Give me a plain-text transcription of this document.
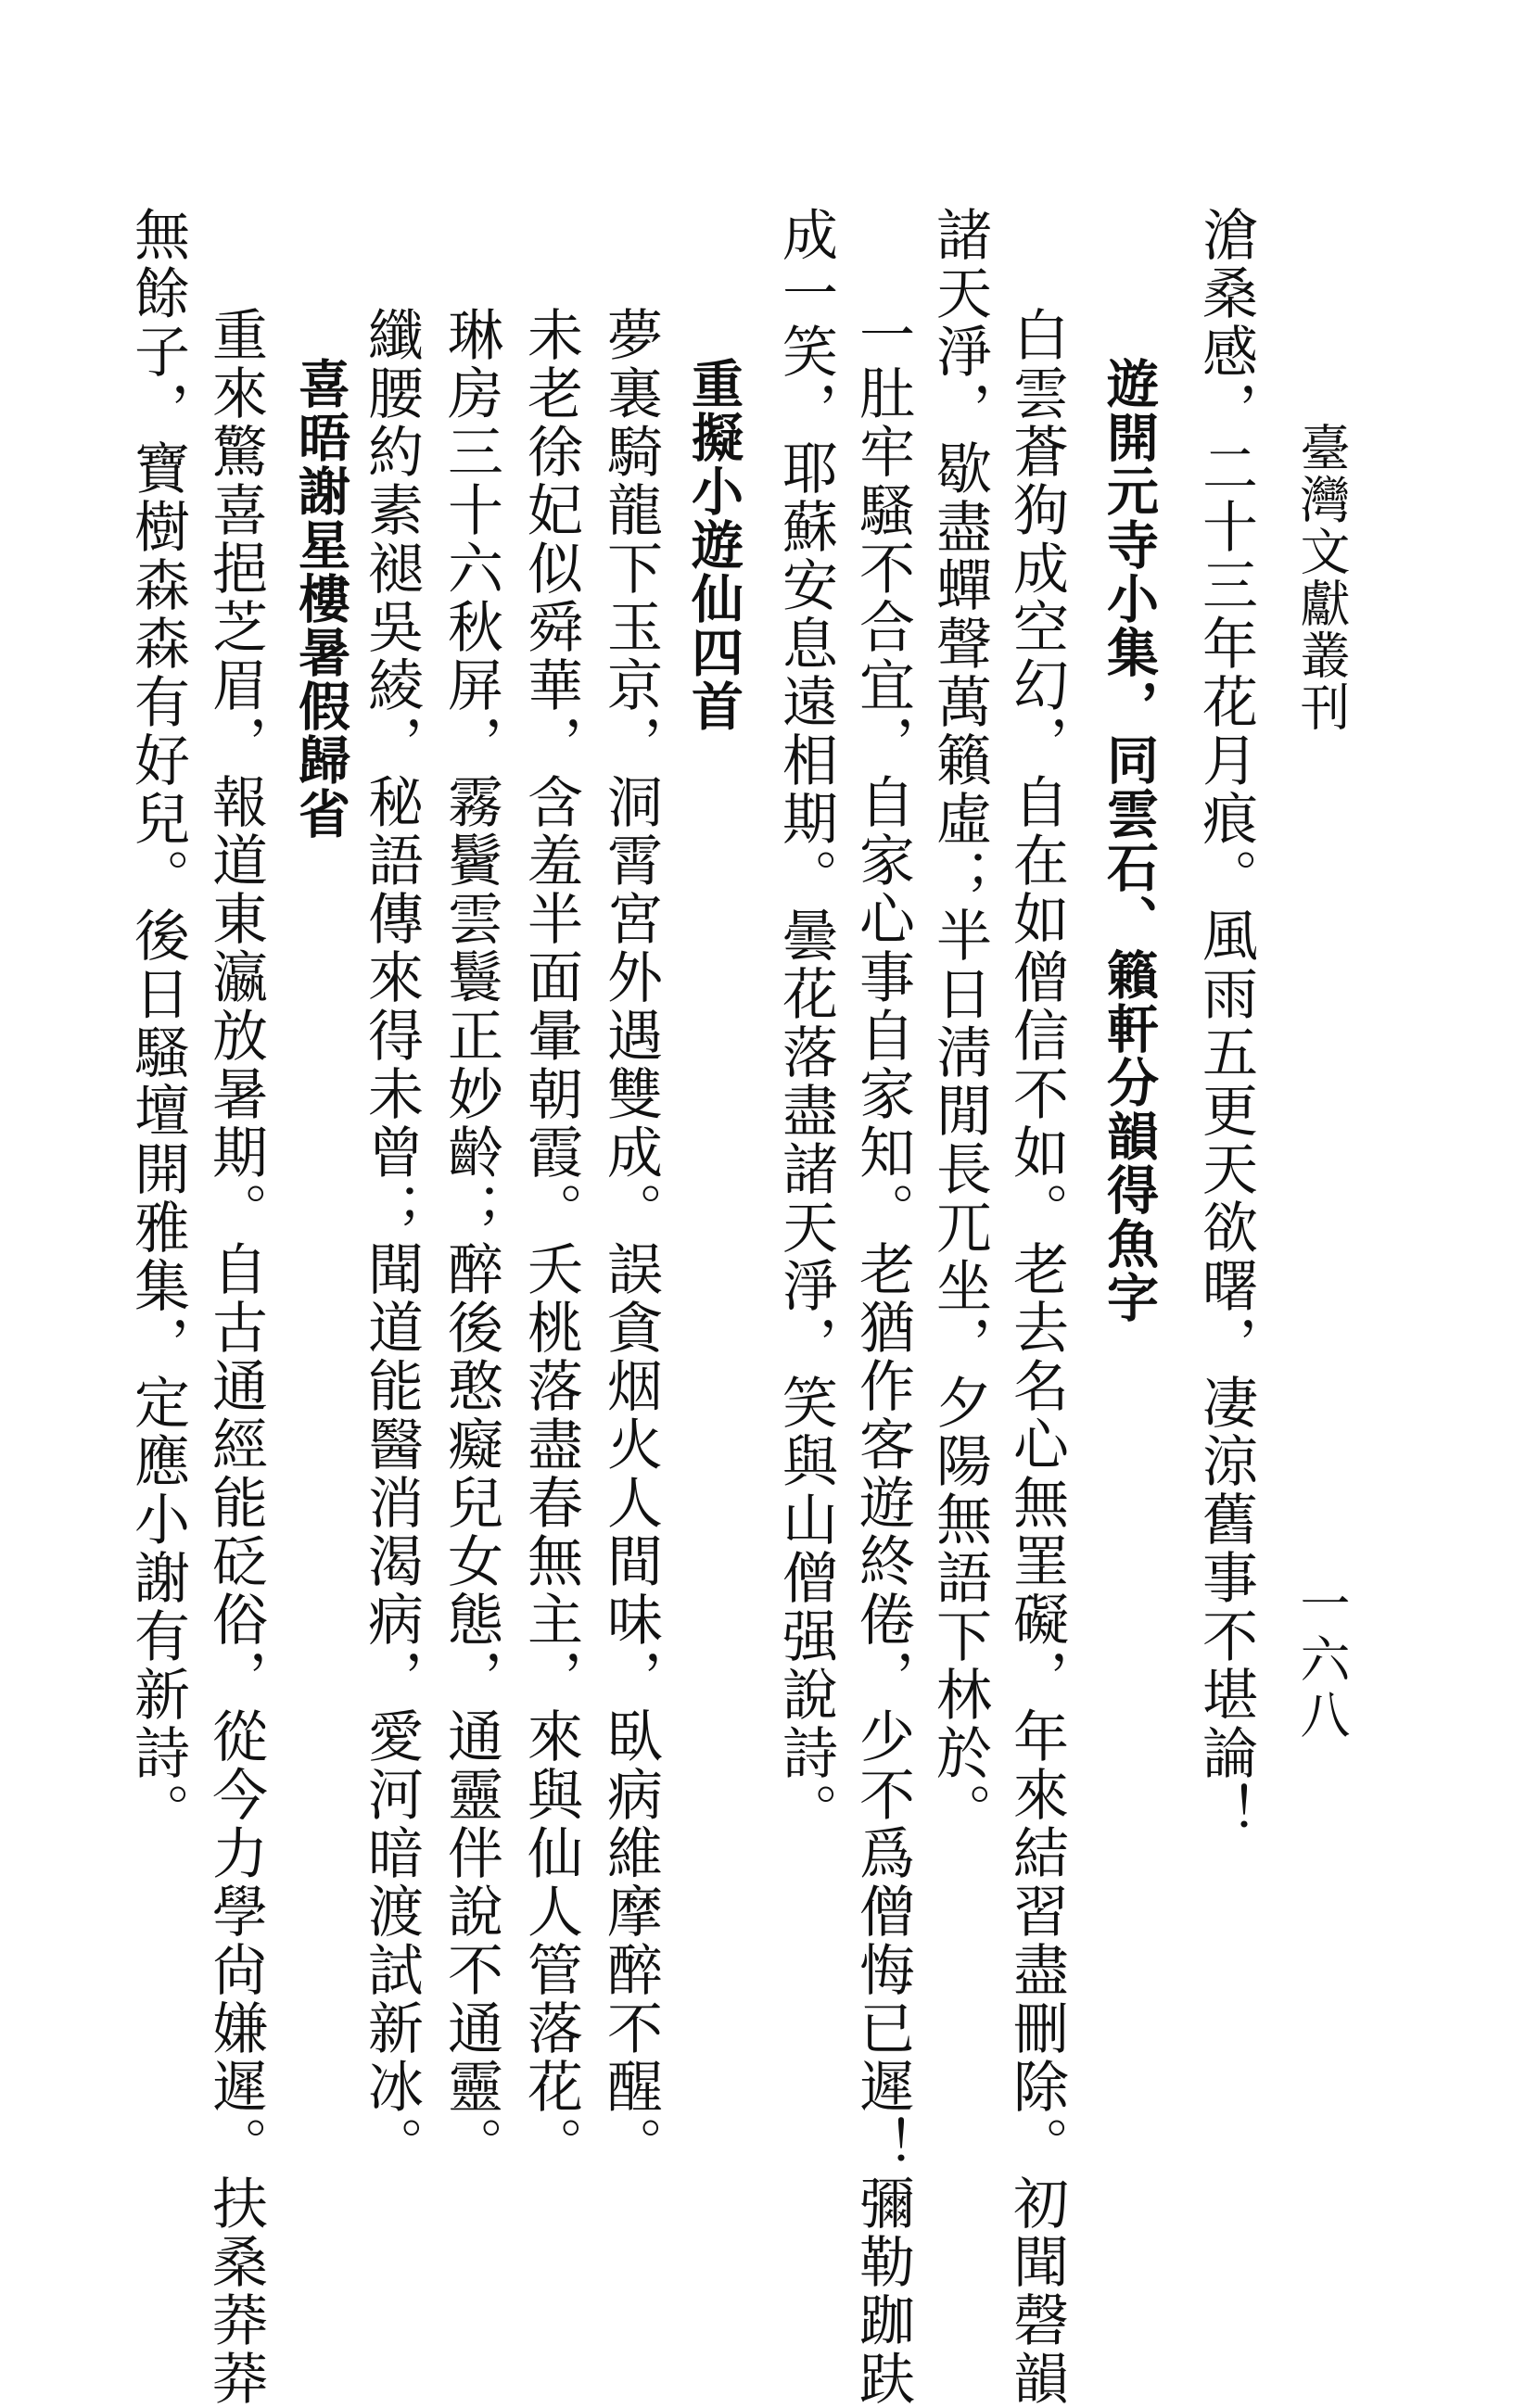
臺灣文獻叢刊
一六八
滄桑感，二十三年花月痕。風雨五更天欲曙，凄涼舊事不堪論！
遊開元寺小集，同雲石、籟軒分韻得魚字
白雲蒼狗成空幻，自在如僧信不如。老去名心無罣礙，年來結習盡刪除。初聞磬韻
諸天淨，歇盡蟬聲萬籟虛；半日淸閒長兀坐，夕陽無語下林於。
一肚牢騷不合宜，自家心事自家知。老猶作客遊終倦，少不爲僧悔已遲！彌勒跏趺
成一笑，耶蘇安息遠相期。曇花落盡諸天淨，笑與山僧强說詩。
重擬小遊仙四首
夢裏騎龍下玉京，洞霄宮外遇雙成。誤貪烟火人間味，臥病維摩醉不醒。
未老徐妃似舜華，含羞半面暈朝霞。夭桃落盡春無主，來與仙人管落花。
琳房三十六秋屏，霧鬢雲鬟正妙齡；醉後憨癡兒女態，通靈伴說不通靈。
纖腰約素褪吳綾，秘語傳來得未曾；聞道能醫消渴病，愛河暗渡試新冰。
喜晤謝星樓暑假歸省
重來驚喜挹芝眉，報道東瀛放暑期。自古通經能砭俗，從今力學尙嫌遲。扶桑莽莽
無餘子，寶樹森森有好兒。後日騷壇開雅集，定應小謝有新詩。
